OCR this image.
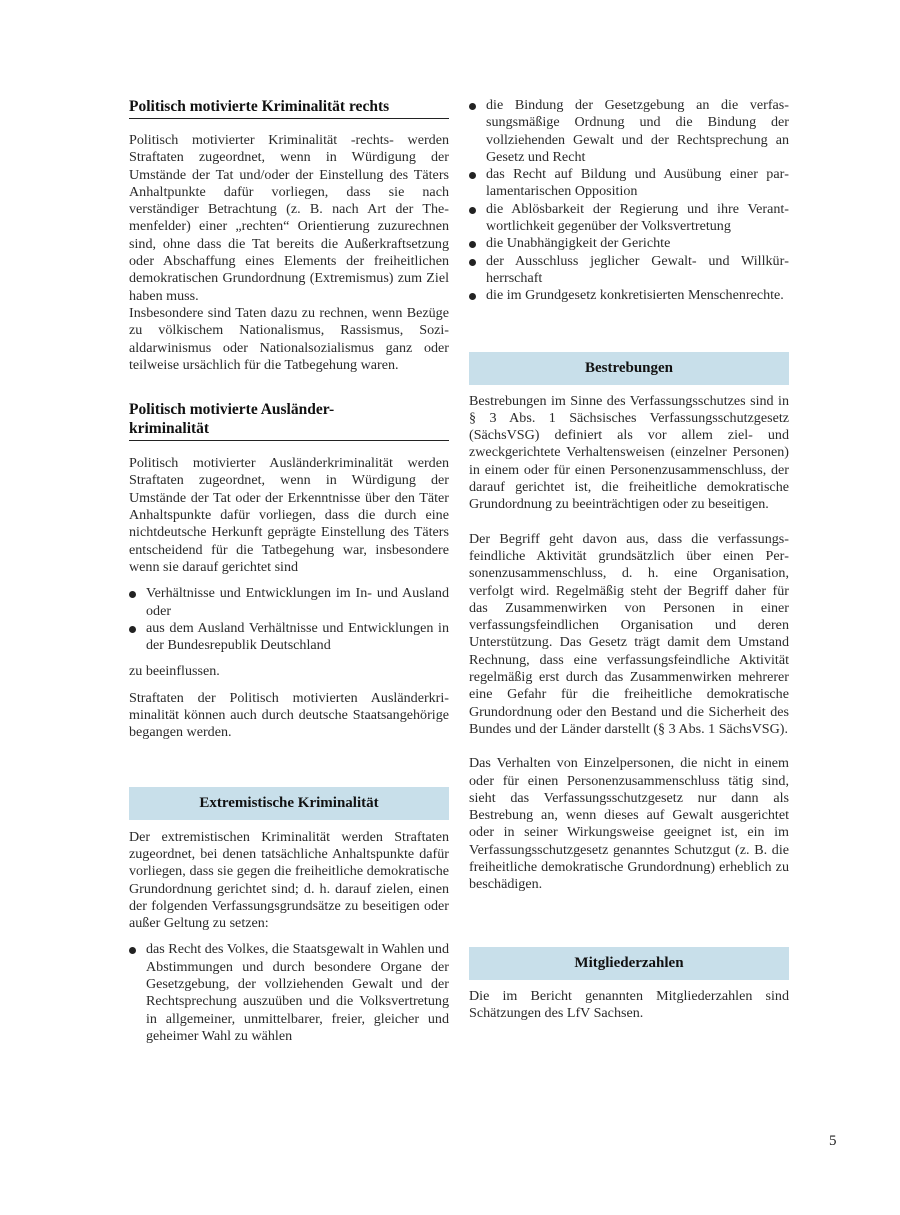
Politisch motivierte Kriminalität rechts

Politisch motivierter Kriminalität -rechts- werden Straftaten zugeordnet, wenn in Würdigung der Umstände der Tat und/oder der Einstellung des Täters Anhaltpunkte dafür vorliegen, dass sie nach verständiger Betrachtung (z. B. nach Art der Themenfelder) einer „rechten“ Orientierung zuzurechnen sind, ohne dass die Tat bereits die Außerkraftsetzung oder Abschaffung eines Elements der freiheitlichen demokratischen Grundordnung (Extremismus) zum Ziel haben muss.

Insbesondere sind Taten dazu zu rechnen, wenn Bezüge zu völkischem Nationalismus, Rassismus, Sozialdarwinismus oder Nationalsozialismus ganz oder teilweise ursächlich für die Tatbegehung waren.

Politisch motivierte Ausländer-
kriminalität

Politisch motivierter Ausländerkriminalität werden Straftaten zugeordnet, wenn in Würdigung der Umstände der Tat oder der Erkenntnisse über den Täter Anhaltspunkte dafür vorliegen, dass die durch eine nichtdeutsche Herkunft geprägte Einstellung des Täters entscheidend für die Tatbegehung war, insbesondere wenn sie darauf gerichtet sind

Verhältnisse und Entwicklungen im In- und Ausland oder
aus dem Ausland Verhältnisse und Entwicklungen in der Bundesrepublik Deutschland

zu beeinflussen.

Straftaten der Politisch motivierten Ausländerkriminalität können auch durch deutsche Staatsangehörige begangen werden.

Extremistische Kriminalität

Der extremistischen Kriminalität werden Straftaten zugeordnet, bei denen tatsächliche Anhaltspunkte dafür vorliegen, dass sie gegen die freiheitliche demokratische Grundordnung gerichtet sind; d. h. darauf zielen, einen der folgenden Verfassungsgrundsätze zu beseitigen oder außer Geltung zu setzen:

das Recht des Volkes, die Staatsgewalt in Wahlen und Abstimmungen und durch besondere Organe der Gesetzgebung, der vollziehenden Gewalt und der Rechtsprechung auszuüben und die Volksvertretung in allgemeiner, unmittelbarer, freier, gleicher und geheimer Wahl zu wählen
die Bindung der Gesetzgebung an die verfassungsmäßige Ordnung und die Bindung der vollziehenden Gewalt und der Rechtsprechung an Gesetz und Recht
das Recht auf Bildung und Ausübung einer parlamentarischen Opposition
die Ablösbarkeit der Regierung und ihre Verantwortlichkeit gegenüber der Volksvertretung
die Unabhängigkeit der Gerichte
der Ausschluss jeglicher Gewalt- und Willkürherrschaft
die im Grundgesetz konkretisierten Menschenrechte.
Bestrebungen

Bestrebungen im Sinne des Verfassungsschutzes sind in § 3 Abs. 1 Sächsisches Verfassungsschutzgesetz (SächsVSG) definiert als vor allem ziel- und zweckgerichtete Verhaltensweisen (einzelner Personen) in einem oder für einen Personenzusammenschluss, der darauf gerichtet ist, die freiheitliche demokratische Grundordnung zu beeinträchtigen oder zu beseitigen.

Der Begriff geht davon aus, dass die verfassungsfeindliche Aktivität grundsätzlich über einen Personenzusammenschluss, d. h. eine Organisation, verfolgt wird. Regelmäßig steht der Begriff daher für das Zusammenwirken von Personen in einer verfassungsfeindlichen Organisation und deren Unterstützung. Das Gesetz trägt damit dem Umstand Rechnung, dass eine verfassungsfeindliche Aktivität regelmäßig erst durch das Zusammenwirken mehrerer eine Gefahr für die freiheitliche demokratische Grundordnung oder den Bestand und die Sicherheit des Bundes und der Länder darstellt (§ 3 Abs. 1 SächsVSG).

Das Verhalten von Einzelpersonen, die nicht in einem oder für einen Personenzusammenschluss tätig sind, sieht das Verfassungsschutzgesetz nur dann als Bestrebung an, wenn dieses auf Gewalt ausgerichtet oder in seiner Wirkungsweise geeignet ist, ein im Verfassungsschutzgesetz genanntes Schutzgut (z. B. die freiheitliche demokratische Grundordnung) erheblich zu beschädigen.

Mitgliederzahlen

Die im Bericht genannten Mitgliederzahlen sind Schätzungen des LfV Sachsen.

5
